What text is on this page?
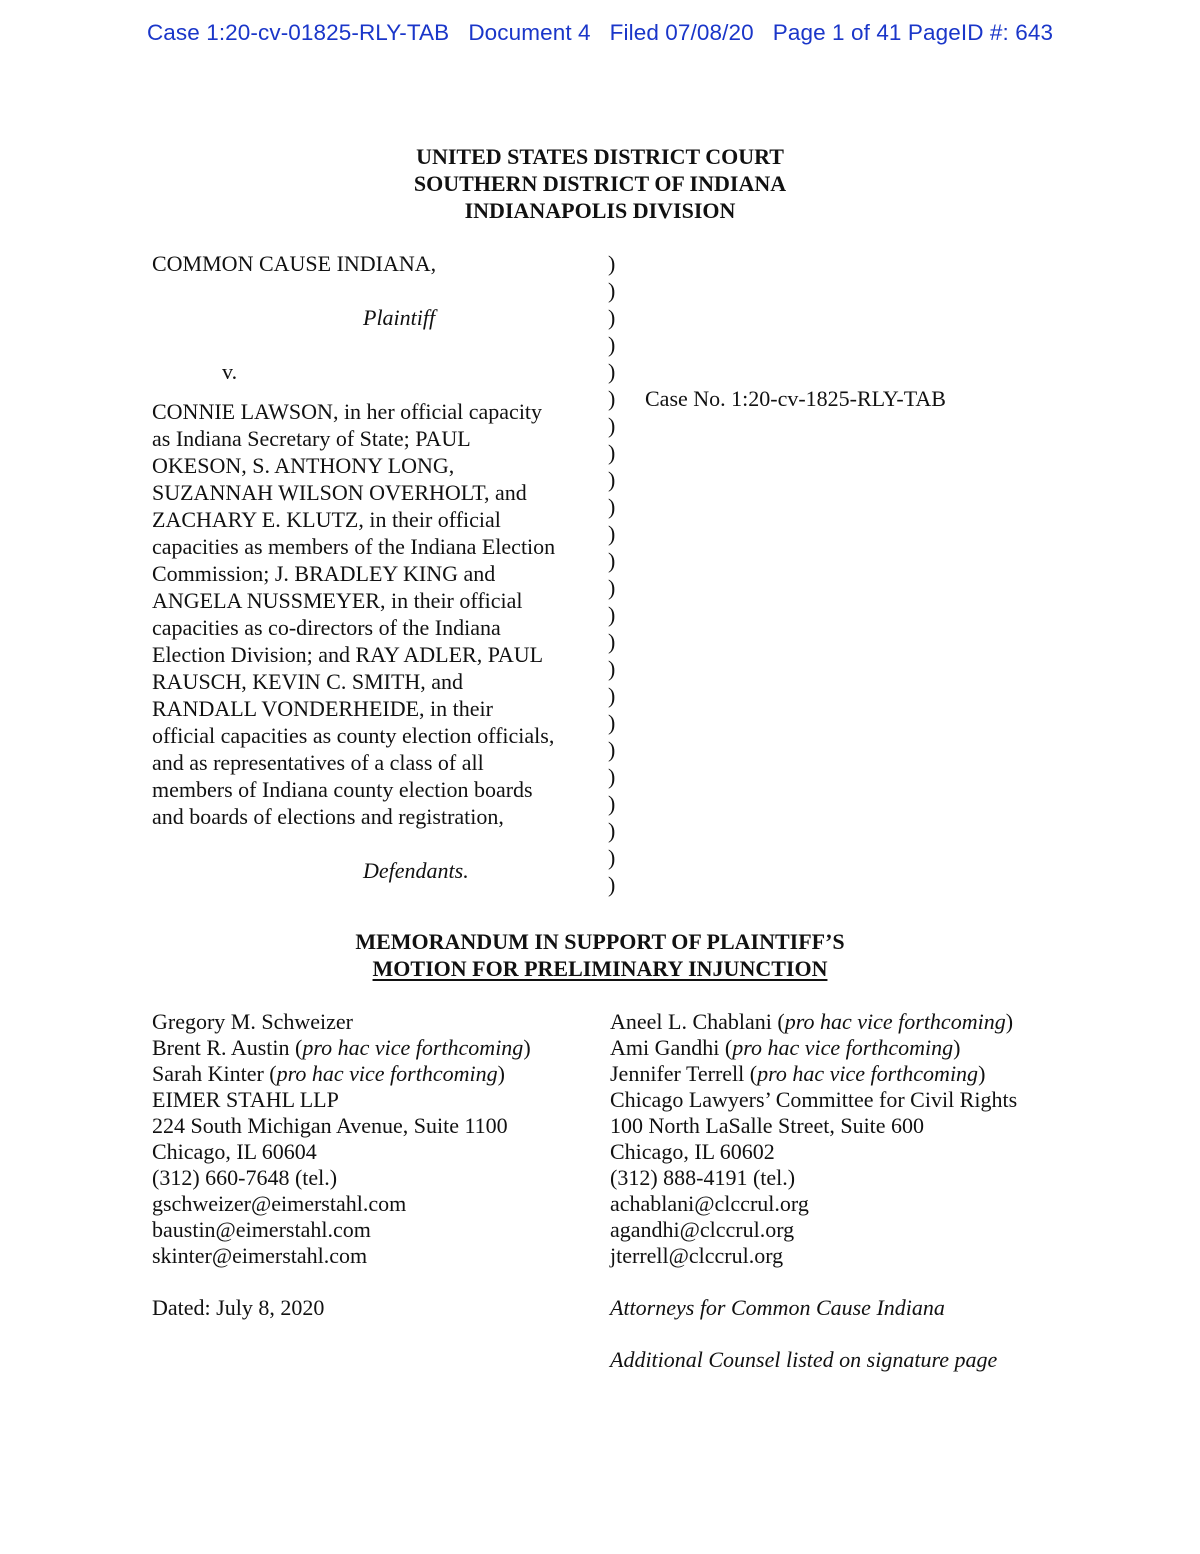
Case 1:20-cv-01825-RLY-TAB   Document 4   Filed 07/08/20   Page 1 of 41 PageID #: 643
UNITED STATES DISTRICT COURT
SOUTHERN DISTRICT OF INDIANA
INDIANAPOLIS DIVISION
COMMON CAUSE INDIANA,
Plaintiff
v.
CONNIE LAWSON, in her official capacity
as Indiana Secretary of State; PAUL
OKESON, S. ANTHONY LONG,
SUZANNAH WILSON OVERHOLT, and
ZACHARY E. KLUTZ, in their official
capacities as members of the Indiana Election
Commission; J. BRADLEY KING and
ANGELA NUSSMEYER, in their official
capacities as co-directors of the Indiana
Election Division; and RAY ADLER, PAUL
RAUSCH, KEVIN C. SMITH, and
RANDALL VONDERHEIDE, in their
official capacities as county election officials,
and as representatives of a class of all
members of Indiana county election boards
and boards of elections and registration,
Defendants.
)
)
)
)
)
)
)
)
)
)
)
)
)
)
)
)
)
)
)
)
)
)
)
)
Case No. 1:20-cv-1825-RLY-TAB
MEMORANDUM IN SUPPORT OF PLAINTIFF’S
MOTION FOR PRELIMINARY INJUNCTION
Gregory M. Schweizer
Brent R. Austin (pro hac vice forthcoming)
Sarah Kinter (pro hac vice forthcoming)
EIMER STAHL LLP
224 South Michigan Avenue, Suite 1100
Chicago, IL 60604
(312) 660-7648 (tel.)
gschweizer@eimerstahl.com
baustin@eimerstahl.com
skinter@eimerstahl.com
Aneel L. Chablani (pro hac vice forthcoming)
Ami Gandhi (pro hac vice forthcoming)
Jennifer Terrell (pro hac vice forthcoming)
Chicago Lawyers’ Committee for Civil Rights
100 North LaSalle Street, Suite 600
Chicago, IL 60602
(312) 888-4191 (tel.)
achablani@clccrul.org
agandhi@clccrul.org
jterrell@clccrul.org
Dated: July 8, 2020	Attorneys for Common Cause Indiana
Additional Counsel listed on signature page
